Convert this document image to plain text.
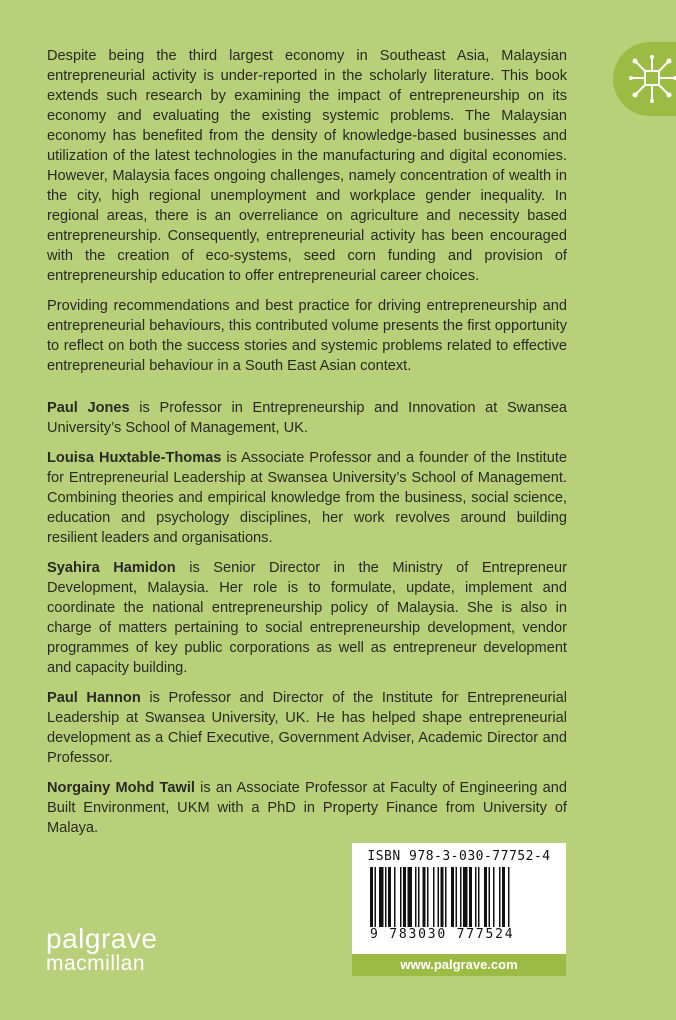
Despite being the third largest economy in Southeast Asia, Malaysian entrepreneurial activity is under-reported in the scholarly literature. This book extends such research by examining the impact of entrepreneurship on its economy and evaluating the existing systemic problems. The Malaysian economy has benefited from the density of knowledge-based businesses and utilization of the latest technologies in the manufacturing and digital economies. However, Malaysia faces ongoing challenges, namely concentration of wealth in the city, high regional unemployment and workplace gender inequality. In regional areas, there is an overreliance on agriculture and necessity based entrepreneurship. Consequently, entrepreneurial activity has been encouraged with the creation of eco-systems, seed corn funding and provision of entrepreneurship education to offer entrepreneurial career choices.

Providing recommendations and best practice for driving entrepreneurship and entrepreneurial behaviours, this contributed volume presents the first opportunity to reflect on both the success stories and systemic problems related to effective entrepreneurial behaviour in a South East Asian context.

Paul Jones is Professor in Entrepreneurship and Innovation at Swansea University’s School of Management, UK.

Louisa Huxtable-Thomas is Associate Professor and a founder of the Institute for Entrepreneurial Leadership at Swansea University’s School of Management. Combining theories and empirical knowledge from the business, social science, education and psychology disciplines, her work revolves around building resilient leaders and organisations.

Syahira Hamidon is Senior Director in the Ministry of Entrepreneur Development, Malaysia. Her role is to formulate, update, implement and coordinate the national entrepreneurship policy of Malaysia. She is also in charge of matters pertaining to social entrepreneurship development, vendor programmes of key public corporations as well as entrepreneur development and capacity building.

Paul Hannon is Professor and Director of the Institute for Entrepreneurial Leadership at Swansea University, UK. He has helped shape entrepreneurial development as a Chief Executive, Government Adviser, Academic Director and Professor.

Norgainy Mohd Tawil is an Associate Professor at Faculty of Engineering and Built Environment, UKM with a PhD in Property Finance from University of Malaya.

palgrave
macmillan
ISBN 978-3-030-77752-4
9 783030 777524
www.palgrave.com
